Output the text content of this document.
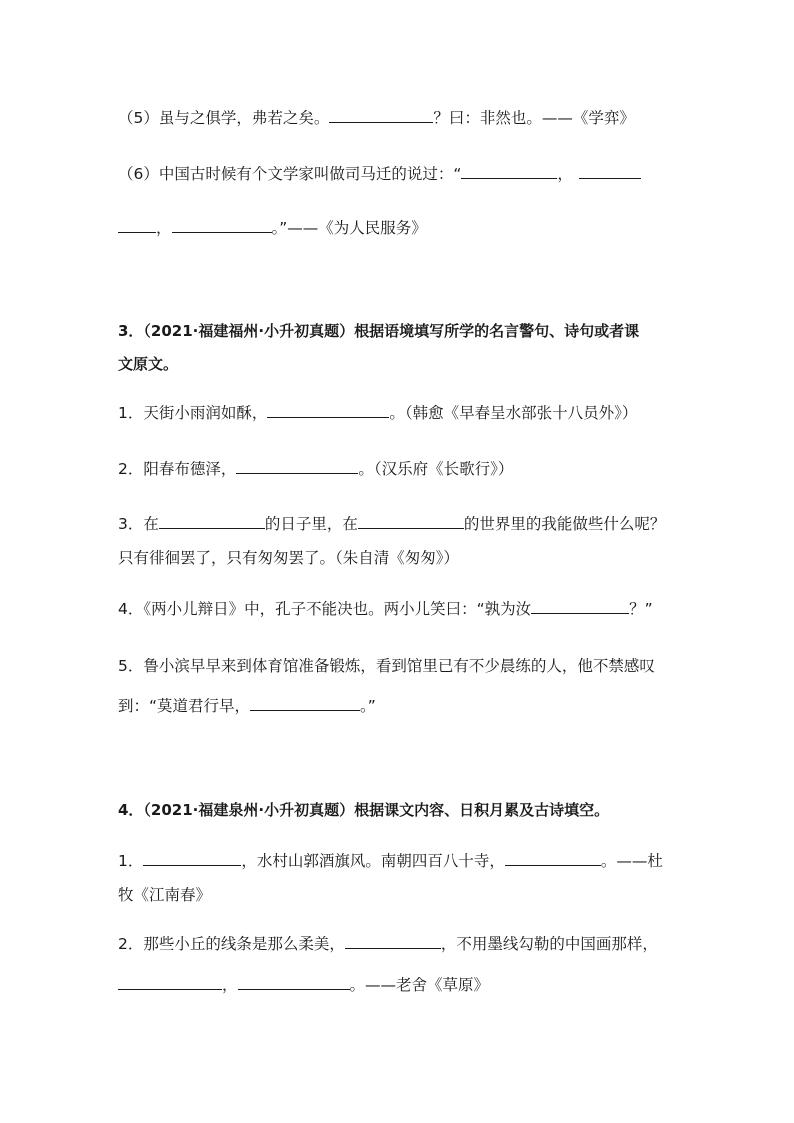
（5）虽与之俱学，弗若之矣。	？曰：非然也。——《学弈》
（6）中国古时候有个文学家叫做司马迁的说过：“	，
，	。”——《为人民服务》
3．（2021·福建福州·小升初真题）根据语境填写所学的名言警句、诗句或者课
文原文。
1．天街小雨润如酥，	。（韩愈《早春呈水部张十八员外》）
2．阳春布德泽，	。（汉乐府《长歌行》）
3．在	的日子里，在	的世界里的我能做些什么呢？
只有徘徊罢了，只有匆匆罢了。（朱自清《匆匆》）
4．《两小儿辩日》中，孔子不能决也。两小儿笑曰：“孰为汝	？”
5．鲁小滨早早来到体育馆准备锻炼，看到馆里已有不少晨练的人，他不禁感叹
到：“莫道君行早，	。”
4．（2021·福建泉州·小升初真题）根据课文内容、日积月累及古诗填空。
1．	，水村山郭酒旗风。南朝四百八十寺，	。——杜
牧《江南春》
2．那些小丘的线条是那么柔美，	，不用墨线勾勒的中国画那样，
，	。——老舍《草原》
